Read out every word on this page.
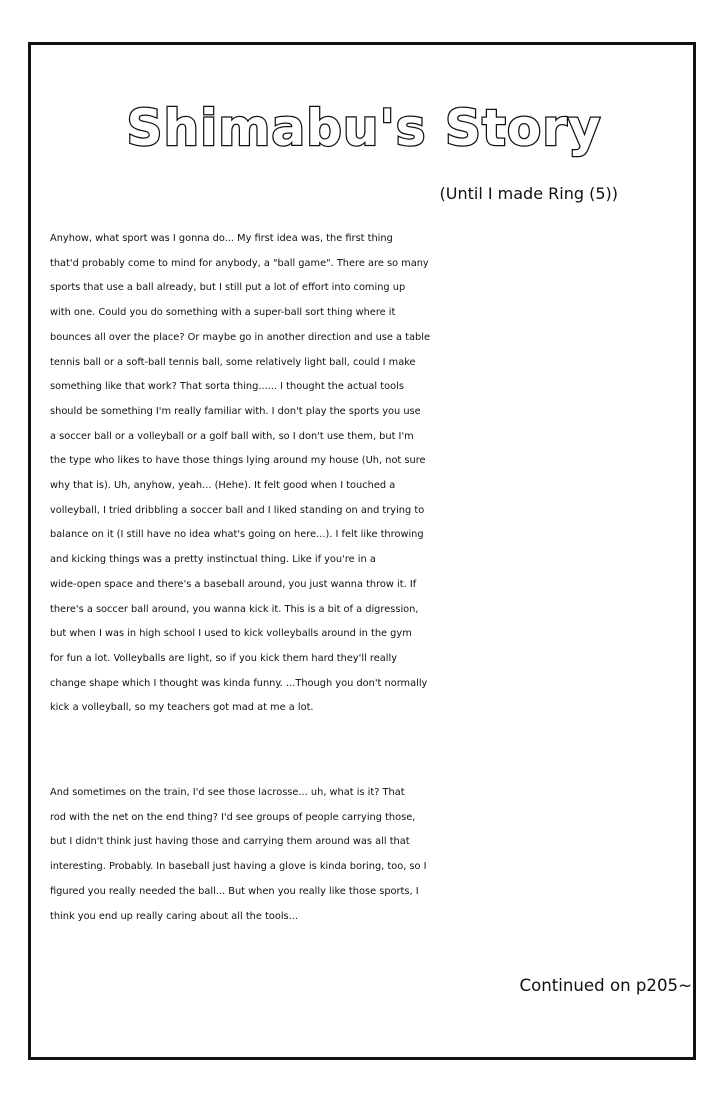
Shimabu's Story
(Until I made Ring (5))
Anyhow, what sport was I gonna do... My first idea was, the first thing
that'd probably come to mind for anybody, a "ball game". There are so many
sports that use a ball already, but I still put a lot of effort into coming up
with one. Could you do something with a super-ball sort thing where it
bounces all over the place? Or maybe go in another direction and use a table
tennis ball or a soft-ball tennis ball, some relatively light ball, could I make
something like that work? That sorta thing...... I thought the actual tools
should be something I'm really familiar with. I don't play the sports you use
a soccer ball or a volleyball or a golf ball with, so I don't use them, but I'm
the type who likes to have those things lying around my house (Uh, not sure
why that is). Uh, anyhow, yeah... (Hehe). It felt good when I touched a
volleyball, I tried dribbling a soccer ball and I liked standing on and trying to
balance on it (I still have no idea what's going on here...). I felt like throwing
and kicking things was a pretty instinctual thing. Like if you're in a
wide-open space and there's a baseball around, you just wanna throw it. If
there's a soccer ball around, you wanna kick it. This is a bit of a digression,
but when I was in high school I used to kick volleyballs around in the gym
for fun a lot. Volleyballs are light, so if you kick them hard they'll really
change shape which I thought was kinda funny. ...Though you don't normally
kick a volleyball, so my teachers got mad at me a lot.
And sometimes on the train, I'd see those lacrosse... uh, what is it? That
rod with the net on the end thing? I'd see groups of people carrying those,
but I didn't think just having those and carrying them around was all that
interesting. Probably. In baseball just having a glove is kinda boring, too, so I
figured you really needed the ball... But when you really like those sports, I
think you end up really caring about all the tools...
Continued on p205~
